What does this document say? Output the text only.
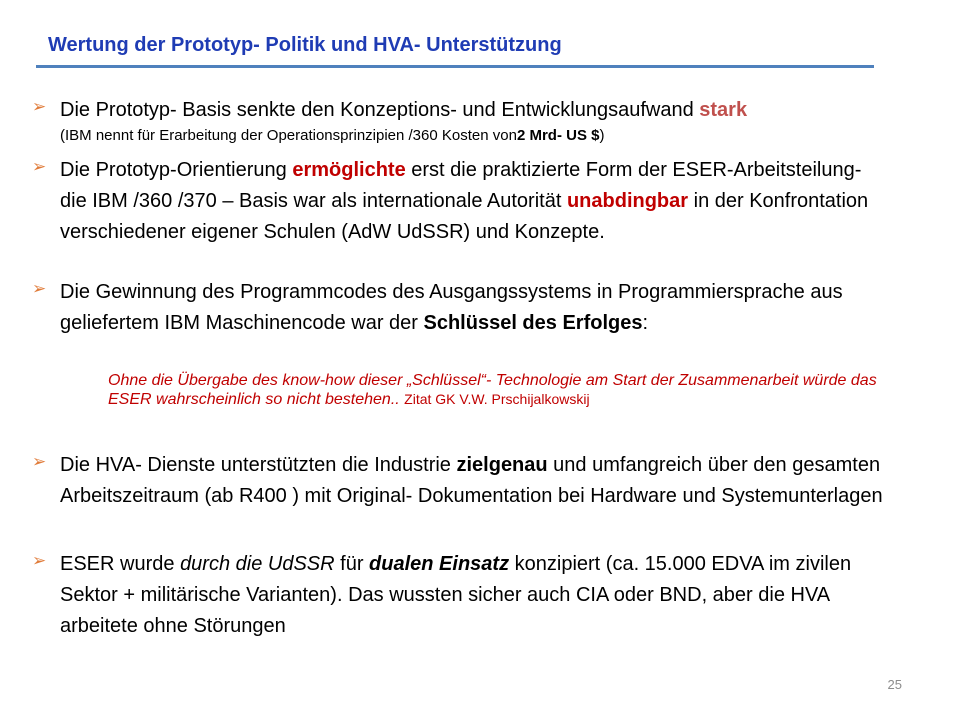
Wertung der Prototyp- Politik und HVA- Unterstützung
➢ Die Prototyp- Basis senkte den Konzeptions- und Entwicklungsaufwand stark
(IBM nennt für Erarbeitung der Operationsprinzipien /360 Kosten von2 Mrd- US $)
➢ Die Prototyp-Orientierung ermöglichte erst die praktizierte Form der ESER-Arbeitsteilung- die IBM /360 /370 – Basis war als internationale Autorität unabdingbar in der Konfrontation verschiedener eigener Schulen (AdW UdSSR) und Konzepte.
➢ Die Gewinnung des Programmcodes des Ausgangssystems in Programmiersprache aus geliefertem IBM Maschinencode war der Schlüssel des Erfolges:
Ohne die Übergabe des know-how dieser „Schlüssel“- Technologie am Start der Zusammenarbeit würde das ESER wahrscheinlich so nicht bestehen.. Zitat GK V.W. Prschijalkowskij
➢ Die HVA- Dienste unterstützten die Industrie zielgenau und umfangreich über den gesamten Arbeitszeitraum (ab R400 ) mit Original- Dokumentation bei Hardware und Systemunterlagen
➢ ESER wurde durch die UdSSR für dualen Einsatz konzipiert (ca. 15.000 EDVA im zivilen Sektor + militärische Varianten). Das wussten sicher auch CIA oder BND, aber die HVA arbeitete ohne Störungen
25
